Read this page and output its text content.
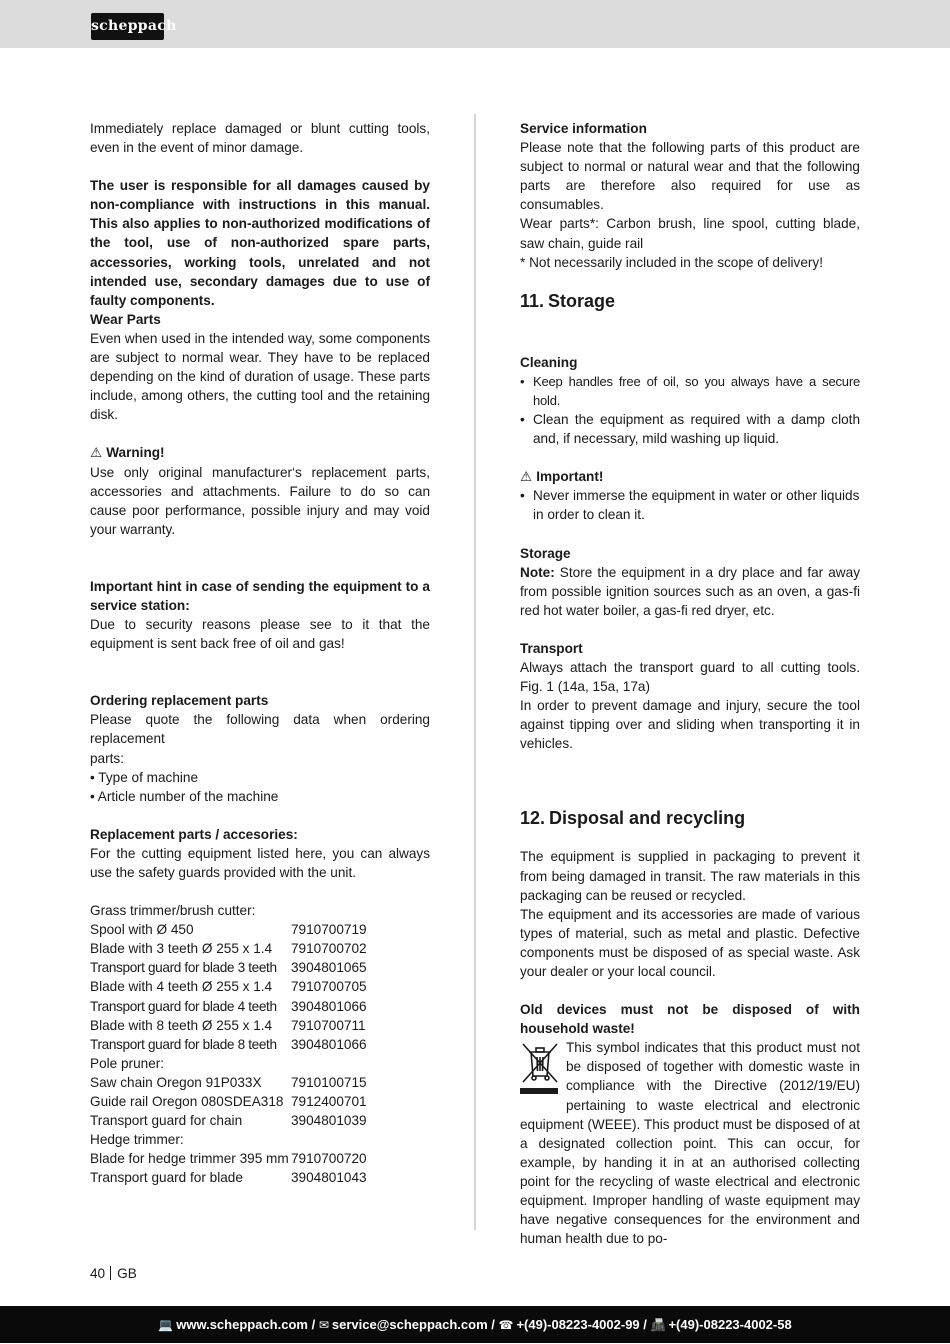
scheppach

Immediately replace damaged or blunt cutting tools, even in the event of minor damage.

The user is responsible for all damages caused by non-compliance with instructions in this manual. This also applies to non-authorized modifications of the tool, use of non-authorized spare parts, accessories, working tools, unrelated and not intended use, secondary damages due to use of faulty components.

Wear Parts

Even when used in the intended way, some components are subject to normal wear. They have to be replaced depending on the kind of duration of usage. These parts include, among others, the cutting tool and the retaining disk.

⚠ Warning!

Use only original manufacturer‘s replacement parts, accessories and attachments. Failure to do so can cause poor performance, possible injury and may void your warranty.

Important hint in case of sending the equipment to a service station:

Due to security reasons please see to it that the equipment is sent back free of oil and gas!

Ordering replacement parts

Please quote the following data when ordering replacement

parts:

• Type of machine

• Article number of the machine

Replacement parts / accesories:

For the cutting equipment listed here, you can always use the safety guards provided with the unit.

Grass trimmer/brush cutter:
Spool with Ø 450	7910700719
Blade with 3 teeth Ø 255 x 1.4	7910700702
Transport guard for blade 3 teeth	3904801065
Blade with 4 teeth Ø 255 x 1.4	7910700705
Transport guard for blade 4 teeth	3904801066
Blade with 8 teeth Ø 255 x 1.4	7910700711
Transport guard for blade 8 teeth	3904801066
Pole pruner:
Saw chain Oregon 91P033X	7910100715
Guide rail Oregon 080SDEA318 7912400701
Transport guard for chain	3904801039
Hedge trimmer:
Blade for hedge trimmer 395 mm 7910700720
Transport guard for blade	3904801043

Service information

Please note that the following parts of this product are subject to normal or natural wear and that the following parts are therefore also required for use as consumables.

Wear parts*: Carbon brush, line spool, cutting blade, saw chain, guide rail

* Not necessarily included in the scope of delivery!

11. Storage

Cleaning

• Keep handles free of oil, so you always have a secure hold.
• Clean the equipment as required with a damp cloth and, if necessary, mild washing up liquid.

⚠ Important!

• Never immerse the equipment in water or other liquids in order to clean it.

Storage

Note: Store the equipment in a dry place and far away from possible ignition sources such as an oven, a gas-fi red hot water boiler, a gas-fi red dryer, etc.

Transport

Always attach the transport guard to all cutting tools. Fig. 1 (14a, 15a, 17a)

In order to prevent damage and injury, secure the tool against tipping over and sliding when transporting it in vehicles.

12. Disposal and recycling

The equipment is supplied in packaging to prevent it from being damaged in transit. The raw materials in this packaging can be reused or recycled.

The equipment and its accessories are made of various types of material, such as metal and plastic. Defective components must be disposed of as special waste. Ask your dealer or your local council.

Old devices must not be disposed of with household waste!

This symbol indicates that this product must not be disposed of together with domestic waste in compliance with the Directive (2012/19/EU) pertaining to waste electrical and electronic equipment (WEEE). This product must be disposed of at a designated collection point. This can occur, for example, by handing it in at an authorised collecting point for the recycling of waste electrical and electronic equipment. Improper handling of waste equipment may have negative consequences for the environment and human health due to po-

40 GB
💻 www.scheppach.com / ✉ service@scheppach.com / ☎ +(49)-08223-4002-99 / 📠 +(49)-08223-4002-58
